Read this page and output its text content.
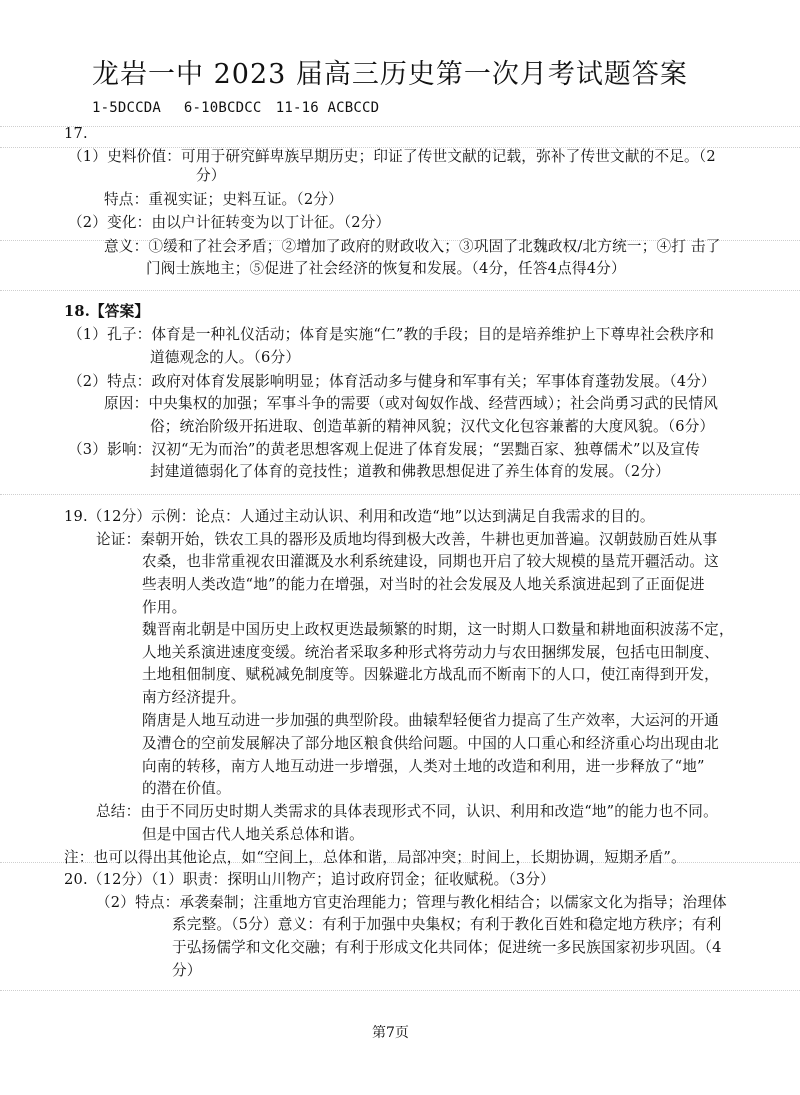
龙岩一中 2023 届高三历史第一次月考试题答案
1-5DCCDA　 6-10BCDCC　11-16 ACBCCD
17.
（1）史料价值：可用于研究鲜卑族早期历史；印证了传世文献的记载，弥补了传世文献的不足。（2
分）
特点：重视实证；史料互证。（2分）
（2）变化：由以户计征转变为以丁计征。（2分）
意义：①缓和了社会矛盾；②增加了政府的财政收入；③巩固了北魏政权/北方统一；④打 击了
门阀士族地主；⑤促进了社会经济的恢复和发展。（4分，任答4点得4分）
18.【答案】
（1）孔子：体育是一种礼仪活动；体育是实施“仁”教的手段；目的是培养维护上下尊卑社会秩序和
道德观念的人。（6分）
（2）特点：政府对体育发展影响明显；体育活动多与健身和军事有关；军事体育蓬勃发展。（4分）
原因：中央集权的加强；军事斗争的需要（或对匈奴作战、经营西域）；社会尚勇习武的民情风
俗；统治阶级开拓进取、创造革新的精神风貌；汉代文化包容兼蓄的大度风貌。（6分）
（3）影响：汉初“无为而治”的黄老思想客观上促进了体育发展；“罢黜百家、独尊儒术”以及宣传
封建道德弱化了体育的竞技性；道教和佛教思想促进了养生体育的发展。（2分）
19.（12分）示例：论点：人通过主动认识、利用和改造“地”以达到满足自我需求的目的。
论证：秦朝开始，铁农工具的器形及质地均得到极大改善，牛耕也更加普遍。汉朝鼓励百姓从事
农桑，也非常重视农田灌溉及水利系统建设，同期也开启了较大规模的垦荒开疆活动。这
些表明人类改造“地”的能力在增强，对当时的社会发展及人地关系演进起到了正面促进
作用。
魏晋南北朝是中国历史上政权更迭最频繁的时期，这一时期人口数量和耕地面积波荡不定，
人地关系演进速度变缓。统治者采取多种形式将劳动力与农田捆绑发展，包括屯田制度、
土地租佃制度、赋税减免制度等。因躲避北方战乱而不断南下的人口，使江南得到开发，
南方经济提升。
隋唐是人地互动进一步加强的典型阶段。曲辕犁轻便省力提高了生产效率，大运河的开通
及漕仓的空前发展解决了部分地区粮食供给问题。中国的人口重心和经济重心均出现由北
向南的转移，南方人地互动进一步增强，人类对土地的改造和利用，进一步释放了“地”
的潜在价值。
总结：由于不同历史时期人类需求的具体表现形式不同，认识、利用和改造“地”的能力也不同。
但是中国古代人地关系总体和谐。
注：也可以得出其他论点，如“空间上，总体和谐，局部冲突；时间上，长期协调，短期矛盾”。
20.（12分）（1）职责：探明山川物产；追讨政府罚金；征收赋税。（3分）
（2）特点：承袭秦制；注重地方官吏治理能力；管理与教化相结合；以儒家文化为指导；治理体
系完整。（5分）意义：有利于加强中央集权；有利于教化百姓和稳定地方秩序；有利
于弘扬儒学和文化交融；有利于形成文化共同体；促进统一多民族国家初步巩固。（4
分）
第7页
